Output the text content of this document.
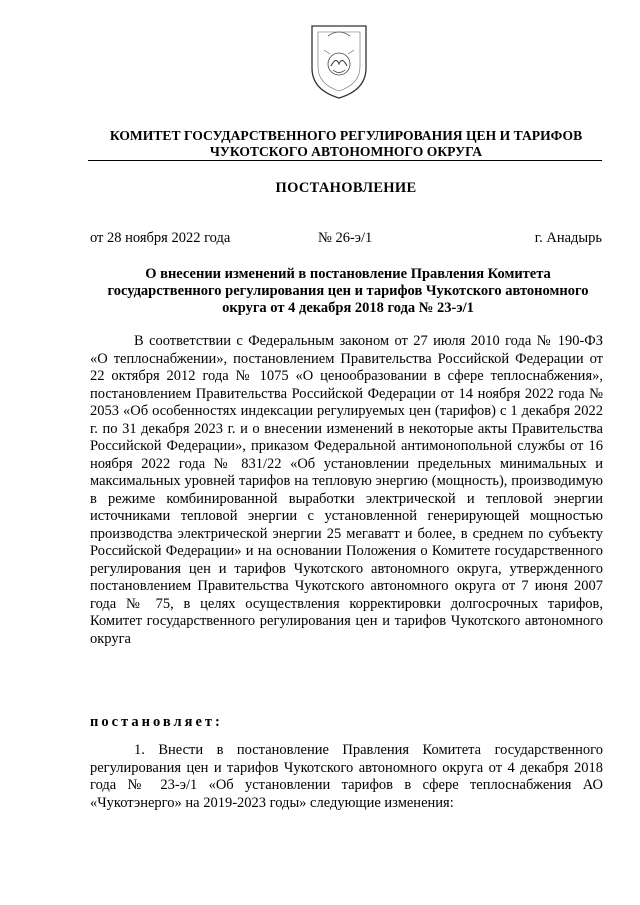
КОМИТЕТ ГОСУДАРСТВЕННОГО РЕГУЛИРОВАНИЯ ЦЕН И ТАРИФОВ
ЧУКОТСКОГО АВТОНОМНОГО ОКРУГА
ПОСТАНОВЛЕНИЕ
от 28 ноября 2022 года	№ 26-э/1	г. Анадырь
О внесении изменений в постановление Правления Комитета государственного регулирования цен и тарифов Чукотского автономного округа от 4 декабря 2018 года № 23-э/1

В соответствии с Федеральным законом от 27 июля 2010 года № 190-ФЗ «О теплоснабжении», постановлением Правительства Российской Федерации от 22 октября 2012 года № 1075 «О ценообразовании в сфере теплоснабжения», постановлением Правительства Российской Федерации от 14 ноября 2022 года № 2053 «Об особенностях индексации регулируемых цен (тарифов) с 1 декабря 2022 г. по 31 декабря 2023 г. и о внесении изменений в некоторые акты Правительства Российской Федерации», приказом Федеральной антимонопольной службы от 16 ноября 2022 года № 831/22 «Об установлении предельных минимальных и максимальных уровней тарифов на тепловую энергию (мощность), производимую в режиме комбинированной выработки электрической и тепловой энергии источниками тепловой энергии с установленной генерирующей мощностью производства электрической энергии 25 мегаватт и более, в среднем по субъекту Российской Федерации» и на основании Положения о Комитете государственного регулирования цен и тарифов Чукотского автономного округа, утвержденного постановлением Правительства Чукотского автономного округа от 7 июня 2007 года № 75, в целях осуществления корректировки долгосрочных тарифов, Комитет государственного регулирования цен и тарифов Чукотского автономного округа

постановляет:

1. Внести в постановление Правления Комитета государственного регулирования цен и тарифов Чукотского автономного округа от 4 декабря 2018 года № 23-э/1 «Об установлении тарифов в сфере теплоснабжения АО «Чукотэнерго» на 2019-2023 годы» следующие изменения:
